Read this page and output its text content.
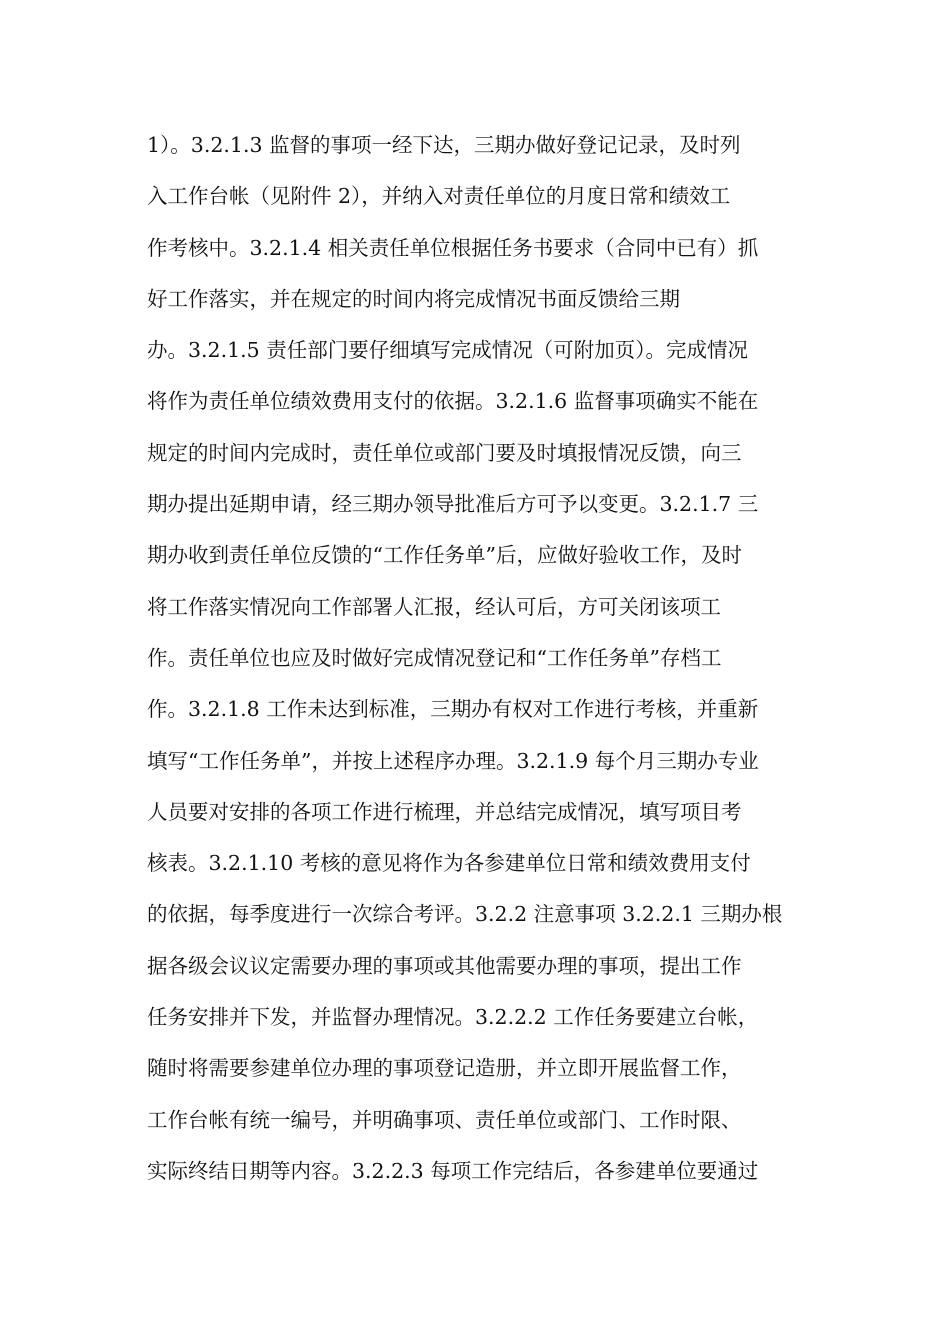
1）。3.2.1.3 监督的事项一经下达，三期办做好登记记录，及时列

入工作台帐（见附件 2），并纳入对责任单位的月度日常和绩效工

作考核中。3.2.1.4 相关责任单位根据任务书要求（合同中已有）抓

好工作落实，并在规定的时间内将完成情况书面反馈给三期

办。3.2.1.5 责任部门要仔细填写完成情况（可附加页）。完成情况

将作为责任单位绩效费用支付的依据。3.2.1.6 监督事项确实不能在

规定的时间内完成时，责任单位或部门要及时填报情况反馈，向三

期办提出延期申请，经三期办领导批准后方可予以变更。3.2.1.7 三

期办收到责任单位反馈的“工作任务单”后，应做好验收工作，及时

将工作落实情况向工作部署人汇报，经认可后，方可关闭该项工

作。责任单位也应及时做好完成情况登记和“工作任务单”存档工

作。3.2.1.8 工作未达到标准，三期办有权对工作进行考核，并重新

填写“工作任务单”，并按上述程序办理。3.2.1.9 每个月三期办专业

人员要对安排的各项工作进行梳理，并总结完成情况，填写项目考

核表。3.2.1.10 考核的意见将作为各参建单位日常和绩效费用支付

的依据，每季度进行一次综合考评。3.2.2 注意事项 3.2.2.1 三期办根

据各级会议议定需要办理的事项或其他需要办理的事项，提出工作

任务安排并下发，并监督办理情况。3.2.2.2 工作任务要建立台帐，

随时将需要参建单位办理的事项登记造册，并立即开展监督工作，

工作台帐有统一编号，并明确事项、责任单位或部门、工作时限、

实际终结日期等内容。3.2.2.3 每项工作完结后，各参建单位要通过
